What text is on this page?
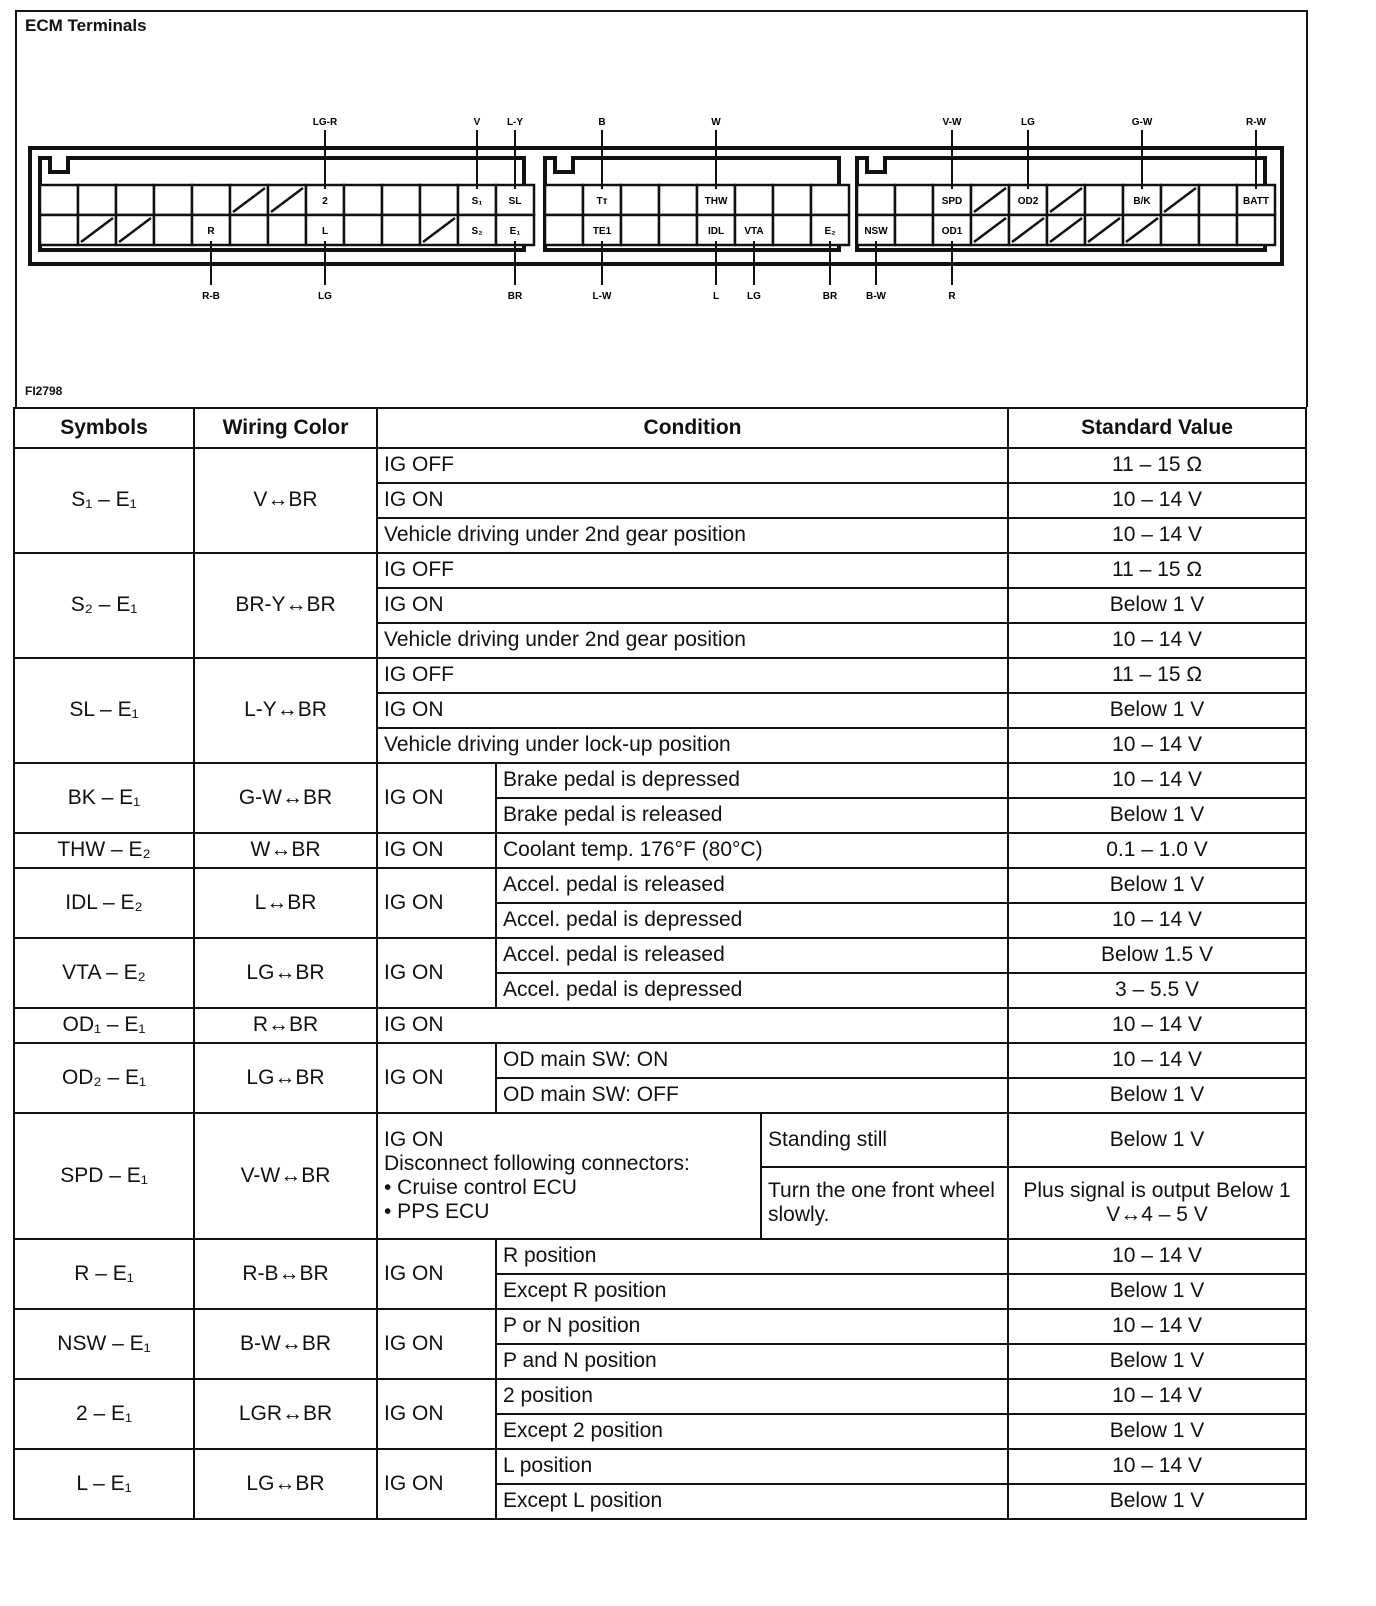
ECM Terminals
FI2798
2	S₁	SL
R	L	S₂	E₁
Tᴛ	THW
TE1	IDL VTA	E₂
SPD	OD2	B/K	BATT
NSW	OD1
LG-R	V	L-Y	B	W	V-W	LG	G-W	R-W
R-B	LG	BR	L-W	L	LG	BR	B-W	R
Symbols	Wiring Color	Condition			Standard Value
S₁ – E₁	V↔BR	IG OFF			11 – 15 Ω
		IG ON			10 – 14 V
		Vehicle driving under 2nd gear position			10 – 14 V
S₂ – E₁	BR-Y↔BR	IG OFF			11 – 15 Ω
		IG ON			Below 1 V
		Vehicle driving under 2nd gear position			10 – 14 V
SL – E₁	L-Y↔BR	IG OFF			11 – 15 Ω
		IG ON			Below 1 V
		Vehicle driving under lock-up position			10 – 14 V
BK – E₁	G-W↔BR	IG ON	Brake pedal is depressed		10 – 14 V
			Brake pedal is released		Below 1 V
THW – E₂	W↔BR	IG ON	Coolant temp. 176°F (80°C)		0.1 – 1.0 V
IDL – E₂	L↔BR	IG ON	Accel. pedal is released		Below 1 V
			Accel. pedal is depressed		10 – 14 V
VTA – E₂	LG↔BR	IG ON	Accel. pedal is released		Below 1.5 V
			Accel. pedal is depressed		3 – 5.5 V
OD₁ – E₁	R↔BR	IG ON			10 – 14 V
OD₂ – E₁	LG↔BR	IG ON	OD main SW: ON		10 – 14 V
			OD main SW: OFF		Below 1 V
SPD – E₁	V-W↔BR	IG ON
Disconnect following connectors:
• Cruise control ECU
• PPS ECU		Standing still	Below 1 V
				Turn the one front wheel slowly.	Plus signal is output Below 1 V↔4 – 5 V
R – E₁	R-B↔BR	IG ON	R position		10 – 14 V
			Except R position		Below 1 V
NSW – E₁	B-W↔BR	IG ON	P or N position		10 – 14 V
			P and N position		Below 1 V
2 – E₁	LGR↔BR	IG ON	2 position		10 – 14 V
			Except 2 position		Below 1 V
L – E₁	LG↔BR	IG ON	L position		10 – 14 V
			Except L position		Below 1 V
